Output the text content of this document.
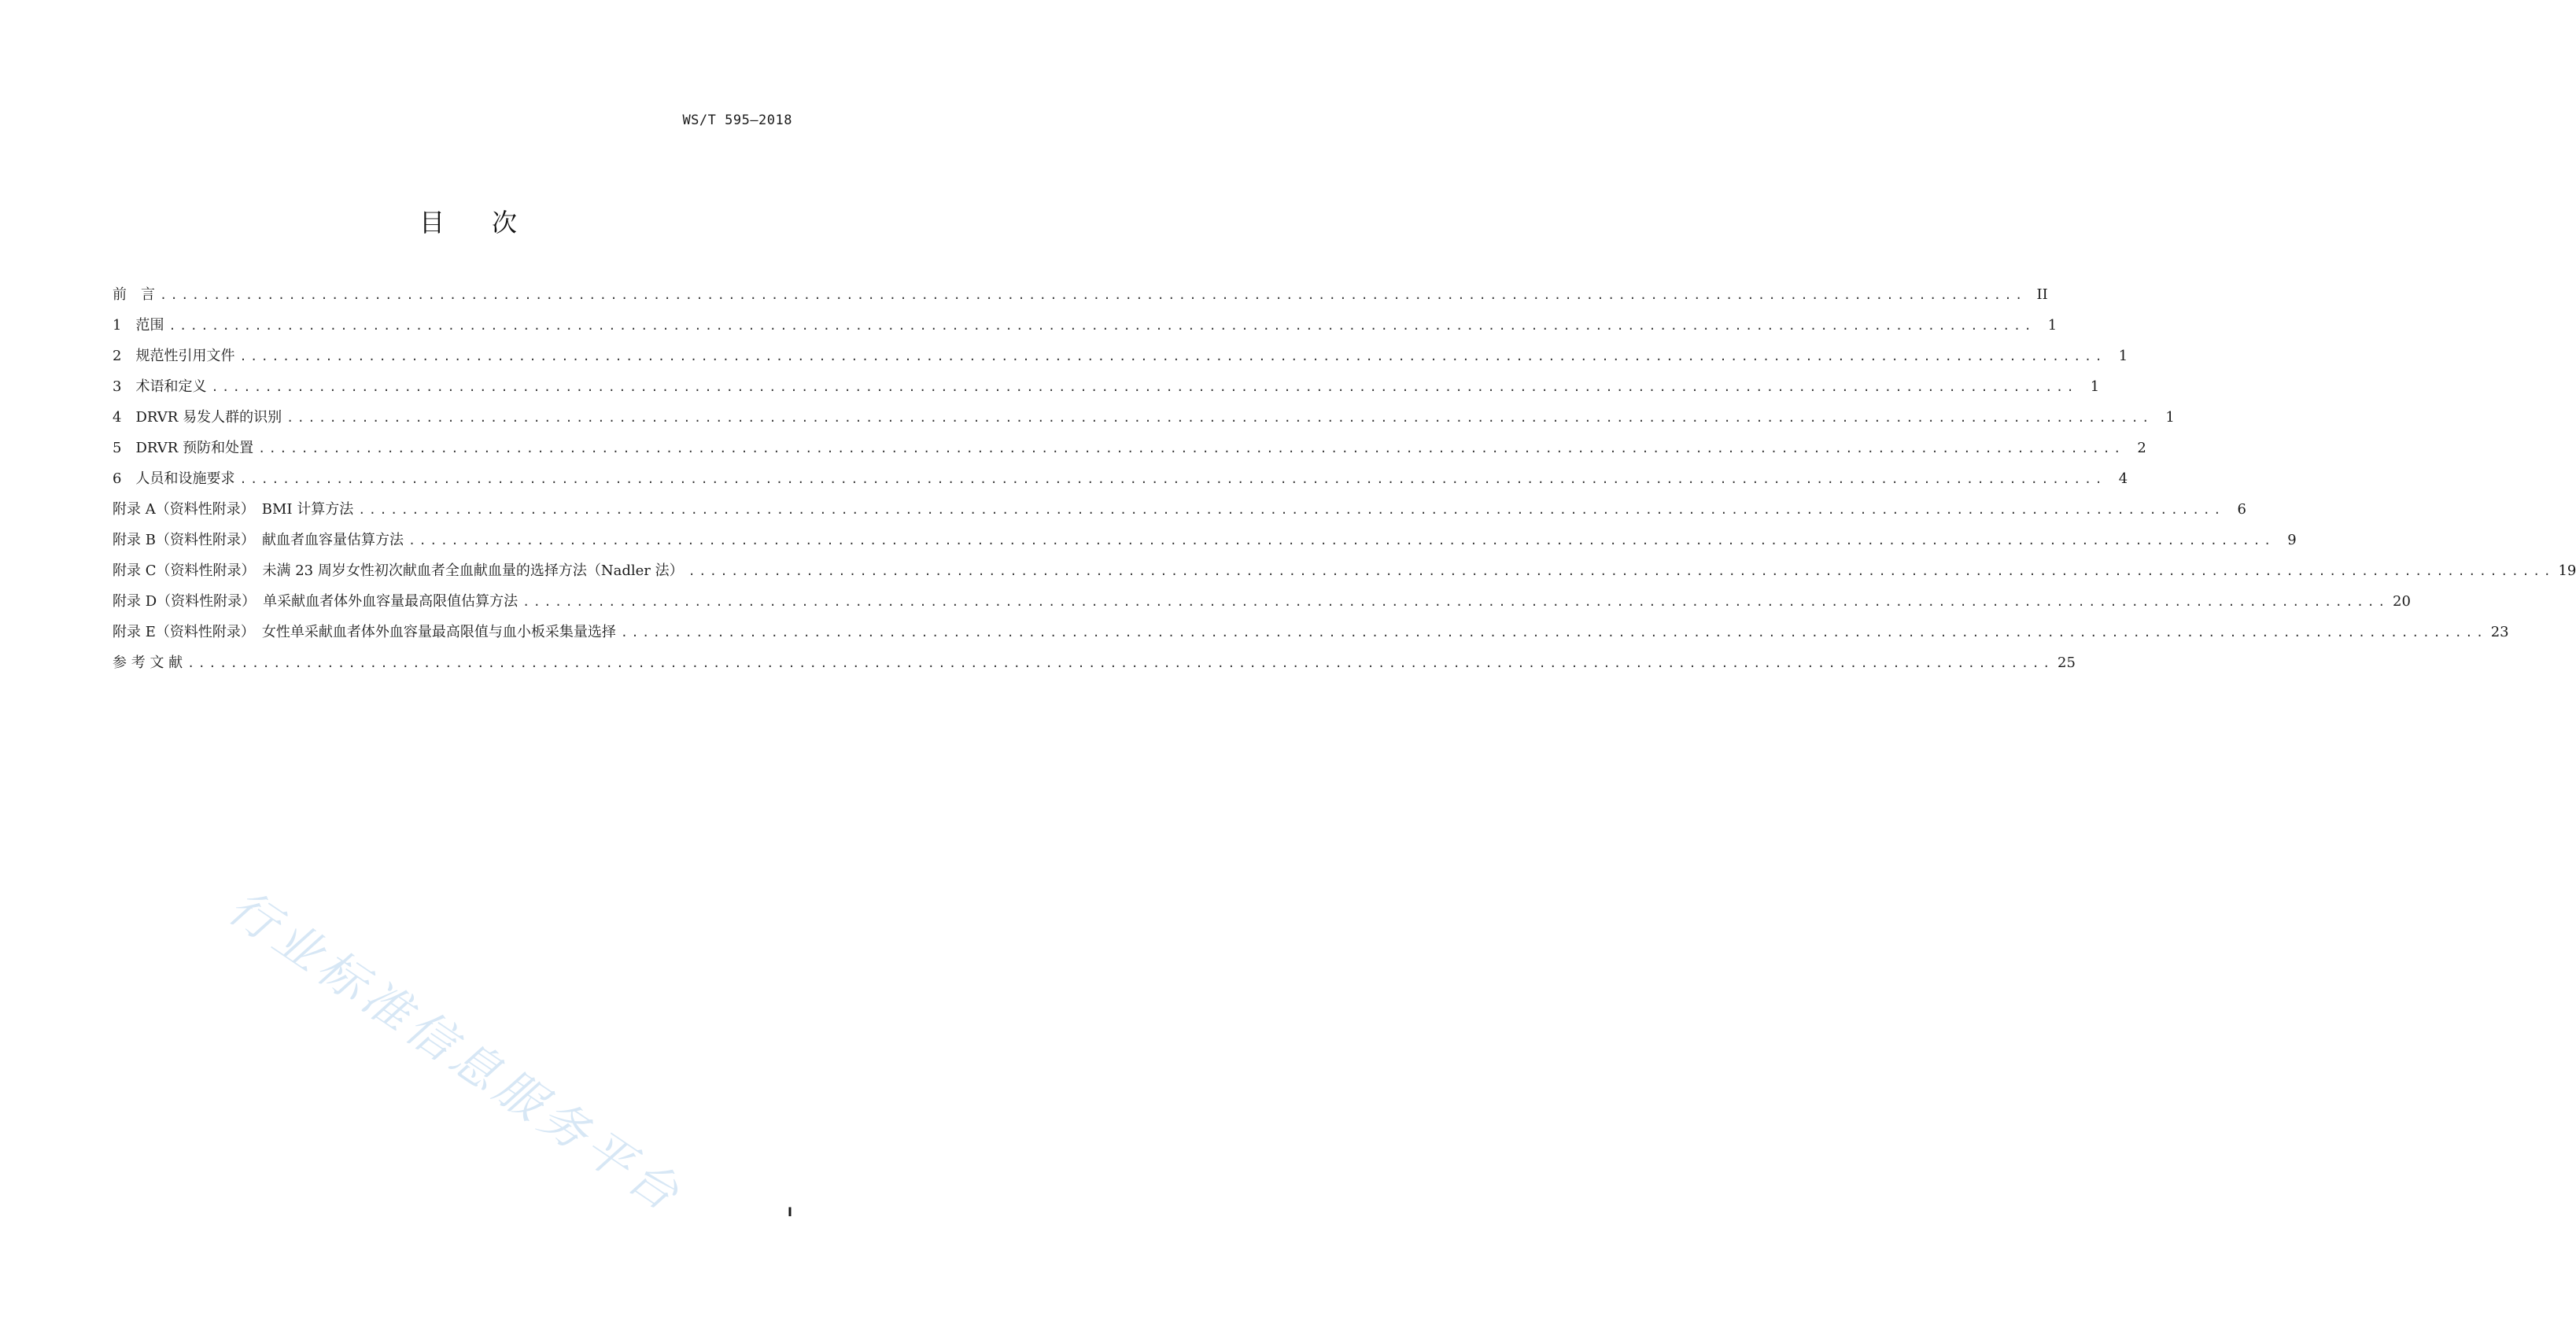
WS/T 595—2018
目 次
前　言 .............................................................................................................................................................................. II
1　 范围 .............................................................................................................................................................................. 1
2　 规范性引用文件 .............................................................................................................................................................................. 1
3　 术语和定义 .............................................................................................................................................................................. 1
4　 DRVR 易发人群的识别 .............................................................................................................................................................................. 1
5　 DRVR 预防和处置 .............................................................................................................................................................................. 2
6　 人员和设施要求 .............................................................................................................................................................................. 4
附录 A（资料性附录）　 BMI 计算方法 .............................................................................................................................................................................. 6
附录 B（资料性附录）　 献血者血容量估算方法 .............................................................................................................................................................................. 9
附录 C（资料性附录）　 未满 23 周岁女性初次献血者全血献血量的选择方法（Nadler 法） .............................................................................................................................................................................. 19
附录 D（资料性附录）　 单采献血者体外血容量最高限值估算方法 .............................................................................................................................................................................. 20
附录 E（资料性附录）　 女性单采献血者体外血容量最高限值与血小板采集量选择 .............................................................................................................................................................................. 23
参 考 文 献 .............................................................................................................................................................................. 25
行业标准信息服务平台	I
